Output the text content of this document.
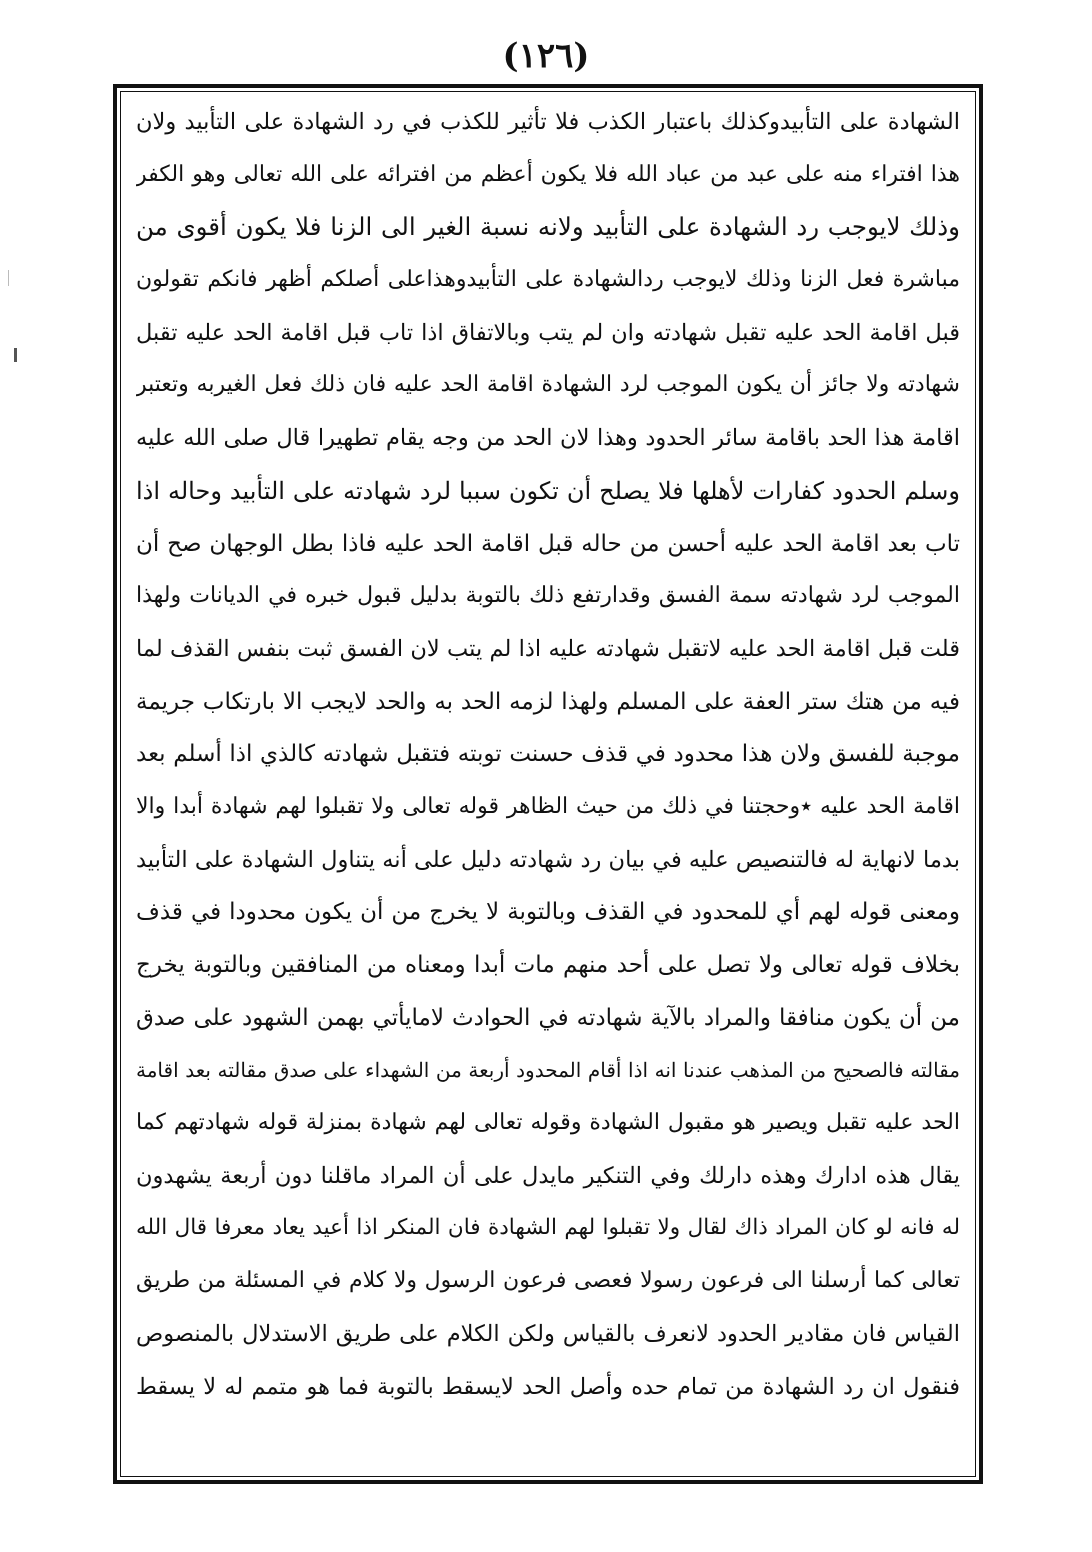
(١٢٦)
الشهادة على التأبيدوكذلك باعتبار الكذب فلا تأثير للكذب في رد الشهادة على التأبيد ولان
هذا افتراء منه على عبد من عباد الله فلا يكون أعظم من افترائه على الله تعالى وهو الكفر
وذلك لايوجب رد الشهادة على التأبيد ولانه نسبة الغير الى الزنا فلا يكون أقوى من
مباشرة فعل الزنا وذلك لايوجب ردالشهادة على التأبيدوهذاعلى أصلكم أظهر فانكم تقولون
قبل اقامة الحد عليه تقبل شهادته وان لم يتب وبالاتفاق اذا تاب قبل اقامة الحد عليه تقبل
شهادته ولا جائز أن يكون الموجب لرد الشهادة اقامة الحد عليه فان ذلك فعل الغيربه وتعتبر
اقامة هذا الحد باقامة سائر الحدود وهذا لان الحد من وجه يقام تطهيرا قال صلى الله عليه
وسلم الحدود كفارات لأهلها فلا يصلح أن تكون سببا لرد شهادته على التأبيد وحاله اذا
تاب بعد اقامة الحد عليه أحسن من حاله قبل اقامة الحد عليه فاذا بطل الوجهان صح أن
الموجب لرد شهادته سمة الفسق وقدارتفع ذلك بالتوبة بدليل قبول خبره في الديانات ولهذا
قلت قبل اقامة الحد عليه لاتقبل شهادته عليه اذا لم يتب لان الفسق ثبت بنفس القذف لما
فيه من هتك ستر العفة على المسلم ولهذا لزمه الحد به والحد لايجب الا بارتكاب جريمة
موجبة للفسق ولان هذا محدود في قذف حسنت توبته فتقبل شهادته كالذي اذا أسلم بعد
اقامة الحد عليه ٭وحجتنا في ذلك من حيث الظاهر قوله تعالى ولا تقبلوا لهم شهادة أبدا والا
بدما لانهاية له فالتنصيص عليه في بيان رد شهادته دليل على أنه يتناول الشهادة على التأبيد
ومعنى قوله لهم أي للمحدود في القذف وبالتوبة لا يخرج من أن يكون محدودا في قذف
بخلاف قوله تعالى ولا تصل على أحد منهم مات أبدا ومعناه من المنافقين وبالتوبة يخرج
من أن يكون منافقا والمراد بالآية شهادته في الحوادث لامايأتي بهمن الشهود على صدق
مقالته فالصحيح من المذهب عندنا انه اذا أقام المحدود أربعة من الشهداء على صدق مقالته بعد اقامة
الحد عليه تقبل ويصير هو مقبول الشهادة وقوله تعالى لهم شهادة بمنزلة قوله شهادتهم كما
يقال هذه ادارك وهذه دارلك وفي التنكير مايدل على أن المراد ماقلنا دون أربعة يشهدون
له فانه لو كان المراد ذاك لقال ولا تقبلوا لهم الشهادة فان المنكر اذا أعيد يعاد معرفا قال الله
تعالى كما أرسلنا الى فرعون رسولا فعصى فرعون الرسول ولا كلام في المسئلة من طريق
القياس فان مقادير الحدود لانعرف بالقياس ولكن الكلام على طريق الاستدلال بالمنصوص
فنقول ان رد الشهادة من تمام حده وأصل الحد لايسقط بالتوبة فما هو متمم له لا يسقط
